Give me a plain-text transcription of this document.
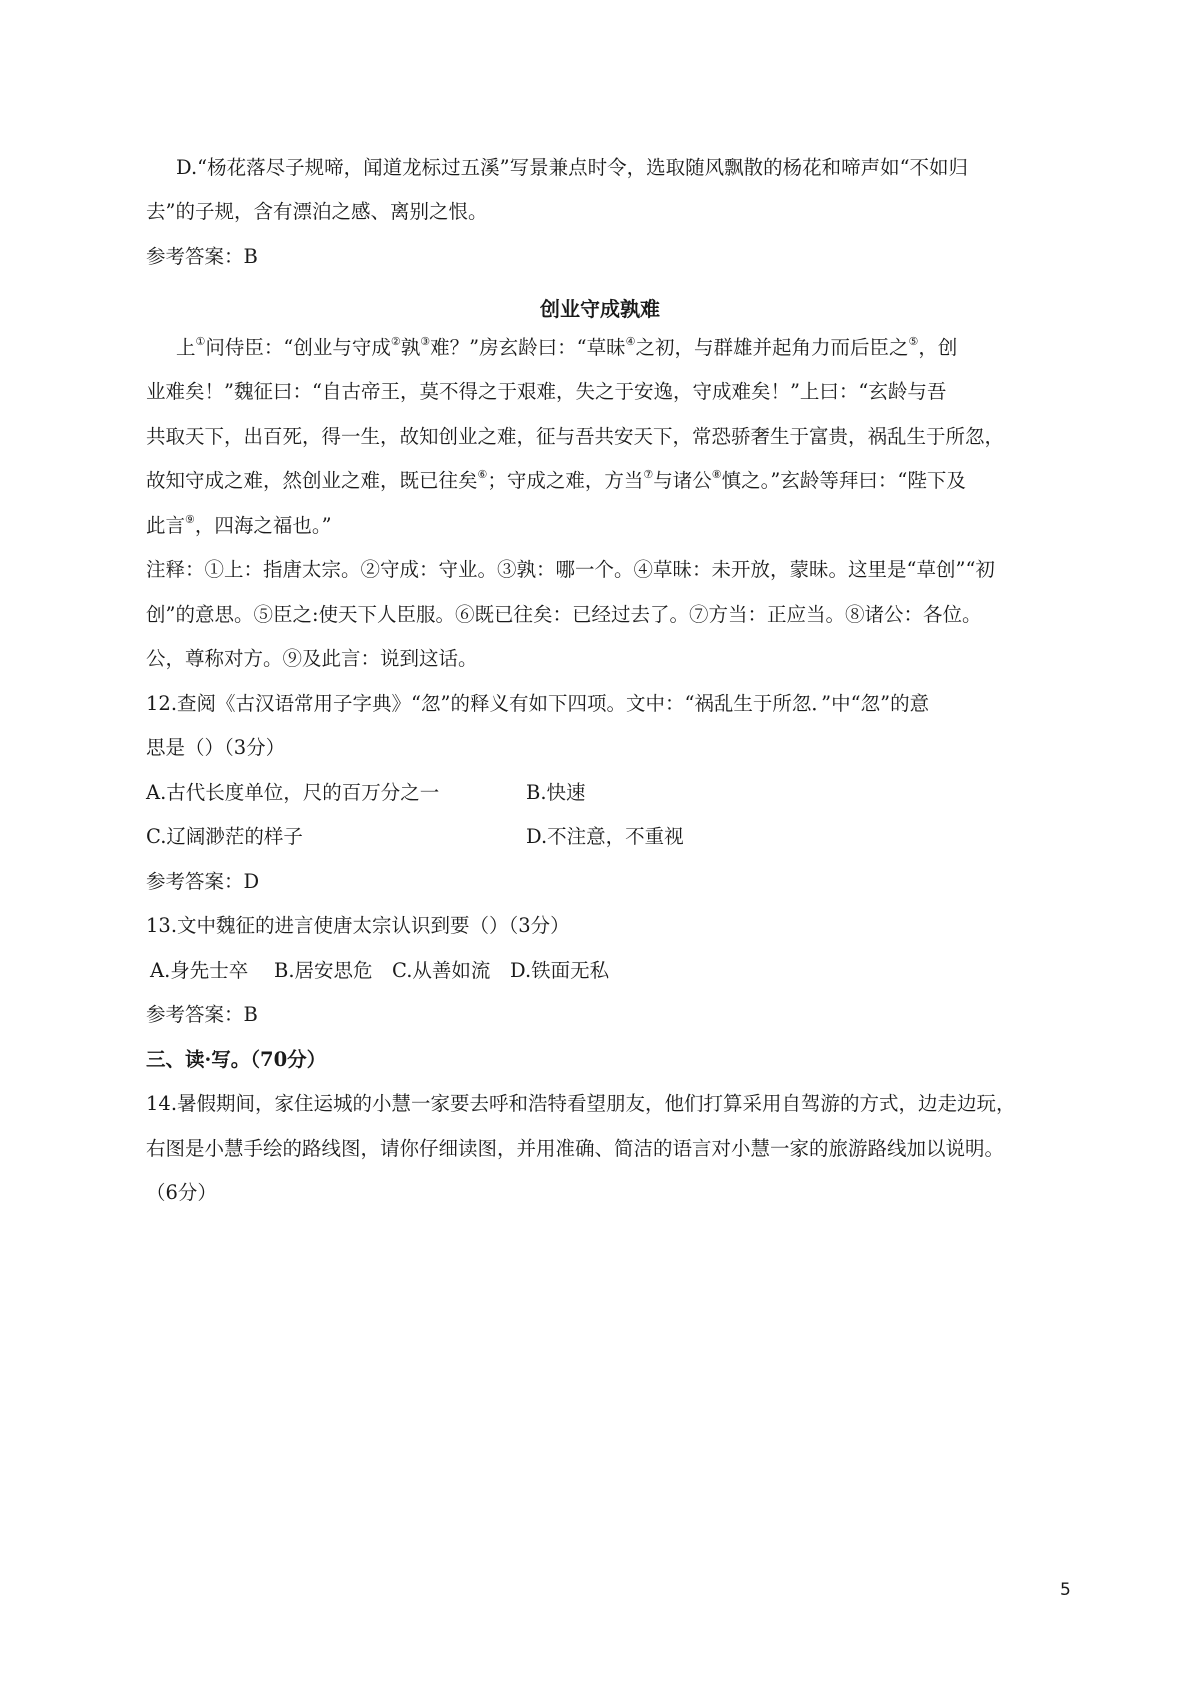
D.“杨花落尽子规啼，闻道龙标过五溪”写景兼点时令，选取随风飘散的杨花和啼声如“不如归
去”的子规，含有漂泊之感、离别之恨。
参考答案：B
创业守成孰难
上①问侍臣：“创业与守成②孰③难？”房玄龄曰：“草昧④之初，与群雄并起角力而后臣之⑤，创
业难矣！”魏征曰：“自古帝王，莫不得之于艰难，失之于安逸，守成难矣！”上曰：“玄龄与吾
共取天下，出百死，得一生，故知创业之难，征与吾共安天下，常恐骄奢生于富贵，祸乱生于所忽，
故知守成之难，然创业之难，既已往矣⑥；守成之难，方当⑦与诸公⑧慎之。”玄龄等拜曰：“陛下及
此言⑨，四海之福也。”
注释：①上：指唐太宗。②守成：守业。③孰：哪一个。④草昧：未开放，蒙昧。这里是“草创”“初
创”的意思。⑤臣之:使天下人臣服。⑥既已往矣：已经过去了。⑦方当：正应当。⑧诸公：各位。
公，尊称对方。⑨及此言：说到这话。
12.查阅《古汉语常用子字典》“忽”的释义有如下四项。文中：“祸乱生于所忽．”中“忽”的意
思是（）（3分）
A.古代长度单位，尺的百万分之一	B.快速
C.辽阔渺茫的样子	D.不注意，不重视
参考答案：D
13.文中魏征的进言使唐太宗认识到要（）（3分）
A.身先士卒 B.居安思危 C.从善如流 D.铁面无私
参考答案：B
三、读·写。（70分）
14.暑假期间，家住运城的小慧一家要去呼和浩特看望朋友，他们打算采用自驾游的方式，边走边玩，
右图是小慧手绘的路线图，请你仔细读图，并用准确、简洁的语言对小慧一家的旅游路线加以说明。
（6分）
5
